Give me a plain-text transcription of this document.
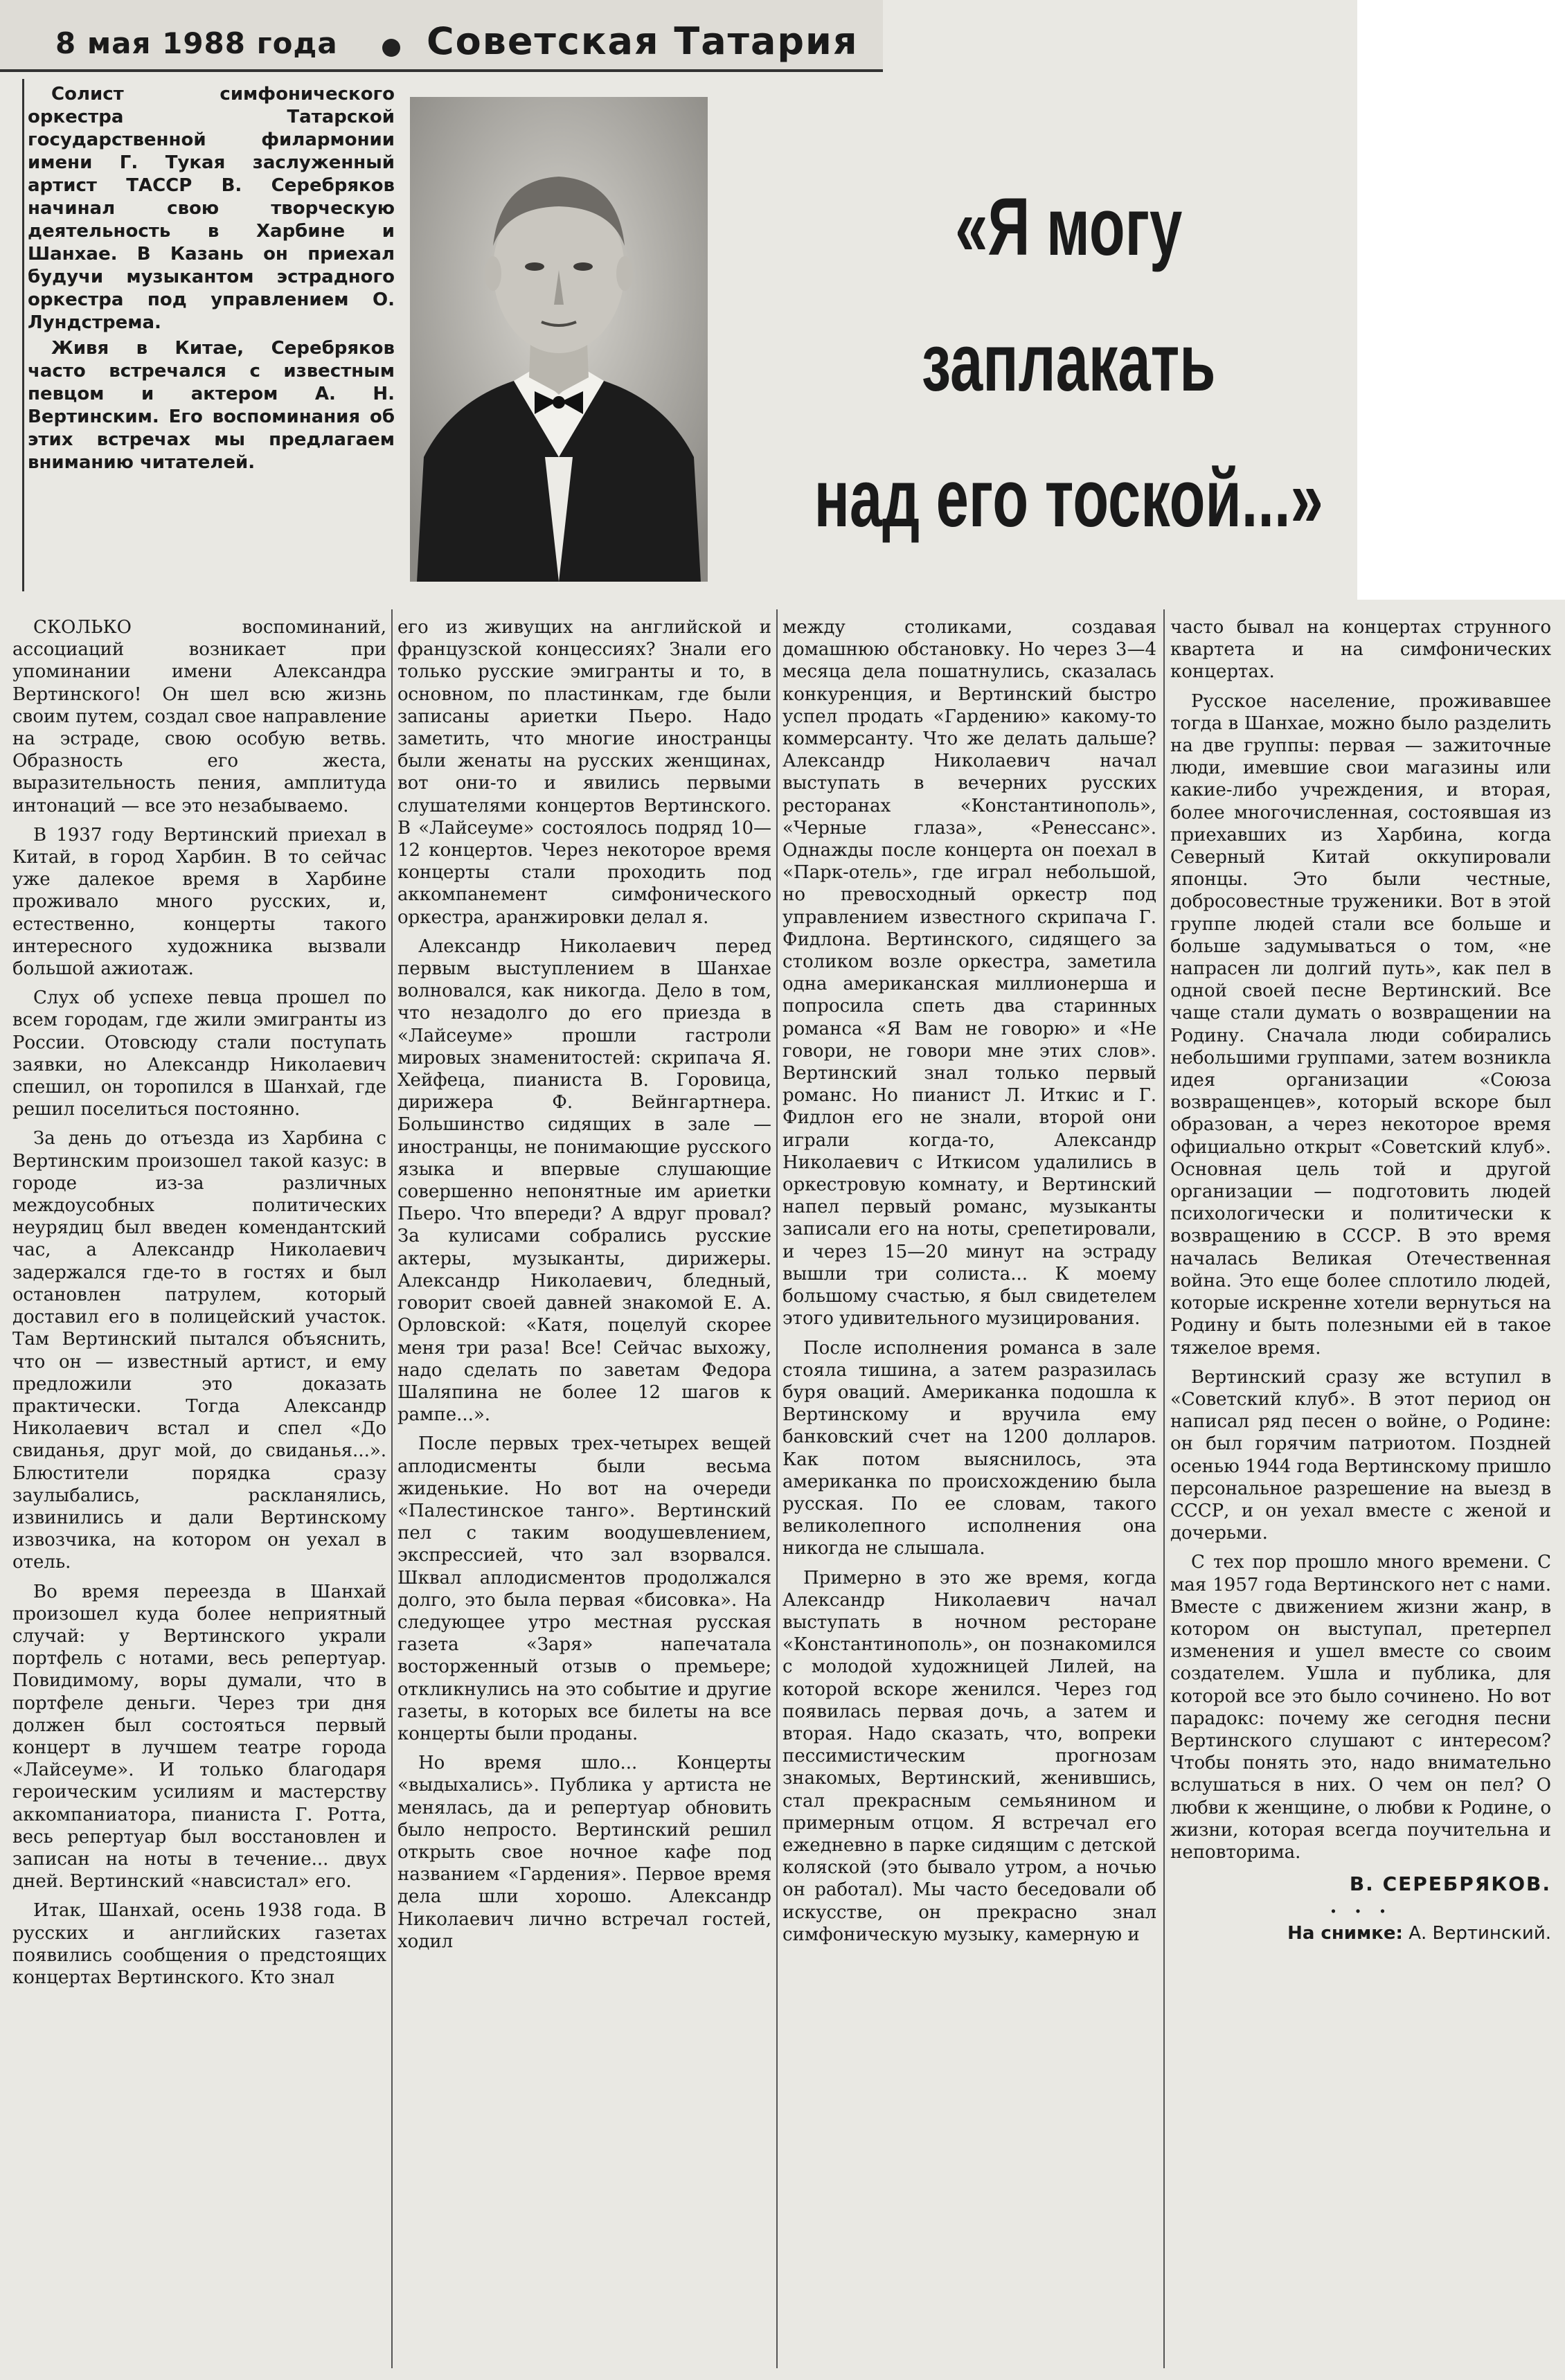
8 мая 1988 года Советская Татария

Солист симфонического оркестра Татарской государственной филармонии имени Г. Тукая заслуженный артист ТАССР В. Серебряков начинал свою творческую деятельность в Харбине и Шанхае. В Казань он приехал будучи музыкантом эстрадного оркестра под управлением О. Лундстрема.

Живя в Китае, Серебряков часто встречался с известным певцом и актером А. Н. Вертинским. Его воспоминания об этих встречах мы предлагаем вниманию читателей.

«Я могу
заплакать
над его тоской...»

СКОЛЬКО воспоминаний, ассоциаций возникает при упоминании имени Александра Вертинского! Он шел всю жизнь своим путем, создал свое направление на эстраде, свою особую ветвь. Образность его жеста, выразительность пения, амплитуда интонаций — все это незабываемо.

В 1937 году Вертинский приехал в Китай, в город Харбин. В то сейчас уже далекое время в Харбине проживало много русских, и, естественно, концерты такого интересного художника вызвали большой ажиотаж.

Слух об успехе певца прошел по всем городам, где жили эмигранты из России. Отовсюду стали поступать заявки, но Александр Николаевич спешил, он торопился в Шанхай, где решил поселиться постоянно.

За день до отъезда из Харбина с Вертинским произошел такой казус: в городе из-за различных междоусобных политических неурядиц был введен комендантский час, а Александр Николаевич задержался где-то в гостях и был остановлен патрулем, который доставил его в полицейский участок. Там Вертинский пытался объяснить, что он — известный артист, и ему предложили это доказать практически. Тогда Александр Николаевич встал и спел «До свиданья, друг мой, до свиданья...». Блюстители порядка сразу заулыбались, раскланялись, извинились и дали Вертинскому извозчика, на котором он уехал в отель.

Во время переезда в Шанхай произошел куда более неприятный случай: у Вертинского украли портфель с нотами, весь репертуар. Повидимому, воры думали, что в портфеле деньги. Через три дня должен был состояться первый концерт в лучшем театре города «Лайсеуме». И только благодаря героическим усилиям и мастерству аккомпаниатора, пианиста Г. Ротта, весь репертуар был восстановлен и записан на ноты в течение... двух дней. Вертинский «навсистал» его.

Итак, Шанхай, осень 1938 года. В русских и английских газетах появились сообщения о предстоящих концертах Вертинского. Кто знал

его из живущих на английской и французской концессиях? Знали его только русские эмигранты и то, в основном, по пластинкам, где были записаны ариетки Пьеро. Надо заметить, что многие иностранцы были женаты на русских женщинах, вот они-то и явились первыми слушателями концертов Вертинского. В «Лайсеуме» состоялось подряд 10—12 концертов. Через некоторое время концерты стали проходить под аккомпанемент симфонического оркестра, аранжировки делал я.

Александр Николаевич перед первым выступлением в Шанхае волновался, как никогда. Дело в том, что незадолго до его приезда в «Лайсеуме» прошли гастроли мировых знаменитостей: скрипача Я. Хейфеца, пианиста В. Горовица, дирижера Ф. Вейнгартнера. Большинство сидящих в зале — иностранцы, не понимающие русского языка и впервые слушающие совершенно непонятные им ариетки Пьеро. Что впереди? А вдруг провал? За кулисами собрались русские актеры, музыканты, дирижеры. Александр Николаевич, бледный, говорит своей давней знакомой Е. А. Орловской: «Катя, поцелуй скорее меня три раза! Все! Сейчас выхожу, надо сделать по заветам Федора Шаляпина не более 12 шагов к рампе...».

После первых трех-четырех вещей аплодисменты были весьма жиденькие. Но вот на очереди «Палестинское танго». Вертинский пел с таким воодушевлением, экспрессией, что зал взорвался. Шквал аплодисментов продолжался долго, это была первая «бисовка». На следующее утро местная русская газета «Заря» напечатала восторженный отзыв о премьере; откликнулись на это событие и другие газеты, в которых все билеты на все концерты были проданы.

Но время шло... Концерты «выдыхались». Публика у артиста не менялась, да и репертуар обновить было непросто. Вертинский решил открыть свое ночное кафе под названием «Гардения». Первое время дела шли хорошо. Александр Николаевич лично встречал гостей, ходил

между столиками, создавая домашнюю обстановку. Но через 3—4 месяца дела пошатнулись, сказалась конкуренция, и Вертинский быстро успел продать «Гардению» какому-то коммерсанту. Что же делать дальше? Александр Николаевич начал выступать в вечерних русских ресторанах «Константинополь», «Черные глаза», «Ренессанс». Однажды после концерта он поехал в «Парк-отель», где играл небольшой, но превосходный оркестр под управлением известного скрипача Г. Фидлона. Вертинского, сидящего за столиком возле оркестра, заметила одна американская миллионерша и попросила спеть два старинных романса «Я Вам не говорю» и «Не говори, не говори мне этих слов». Вертинский знал только первый романс. Но пианист Л. Иткис и Г. Фидлон его не знали, второй они играли когда-то, Александр Николаевич с Иткисом удалились в оркестровую комнату, и Вертинский напел первый романс, музыканты записали его на ноты, срепетировали, и через 15—20 минут на эстраду вышли три солиста... К моему большому счастью, я был свидетелем этого удивительного музицирования.

После исполнения романса в зале стояла тишина, а затем разразилась буря оваций. Американка подошла к Вертинскому и вручила ему банковский счет на 1200 долларов. Как потом выяснилось, эта американка по происхождению была русская. По ее словам, такого великолепного исполнения она никогда не слышала.

Примерно в это же время, когда Александр Николаевич начал выступать в ночном ресторане «Константинополь», он познакомился с молодой художницей Лилей, на которой вскоре женился. Через год появилась первая дочь, а затем и вторая. Надо сказать, что, вопреки пессимистическим прогнозам знакомых, Вертинский, женившись, стал прекрасным семьянином и примерным отцом. Я встречал его ежедневно в парке сидящим с детской коляской (это бывало утром, а ночью он работал). Мы часто беседовали об искусстве, он прекрасно знал симфоническую музыку, камерную и

часто бывал на концертах струнного квартета и на симфонических концертах.

Русское население, проживавшее тогда в Шанхае, можно было разделить на две группы: первая — зажиточные люди, имевшие свои магазины или какие-либо учреждения, и вторая, более многочисленная, состоявшая из приехавших из Харбина, когда Северный Китай оккупировали японцы. Это были честные, добросовестные труженики. Вот в этой группе людей стали все больше и больше задумываться о том, «не напрасен ли долгий путь», как пел в одной своей песне Вертинский. Все чаще стали думать о возвращении на Родину. Сначала люди собирались небольшими группами, затем возникла идея организации «Союза возвращенцев», который вскоре был образован, а через некоторое время официально открыт «Советский клуб». Основная цель той и другой организации — подготовить людей психологически и политически к возвращению в СССР. В это время началась Великая Отечественная война. Это еще более сплотило людей, которые искренне хотели вернуться на Родину и быть полезными ей в такое тяжелое время.

Вертинский сразу же вступил в «Советский клуб». В этот период он написал ряд песен о войне, о Родине: он был горячим патриотом. Поздней осенью 1944 года Вертинскому пришло персональное разрешение на выезд в СССР, и он уехал вместе с женой и дочерьми.

С тех пор прошло много времени. С мая 1957 года Вертинского нет с нами. Вместе с движением жизни жанр, в котором он выступал, претерпел изменения и ушел вместе со своим создателем. Ушла и публика, для которой все это было сочинено. Но вот парадокс: почему же сегодня песни Вертинского слушают с интересом? Чтобы понять это, надо внимательно вслушаться в них. О чем он пел? О любви к женщине, о любви к Родине, о жизни, которая всегда поучительна и неповторима.

В. СЕРЕБРЯКОВ.
. . .
На снимке: А. Вертинский.
